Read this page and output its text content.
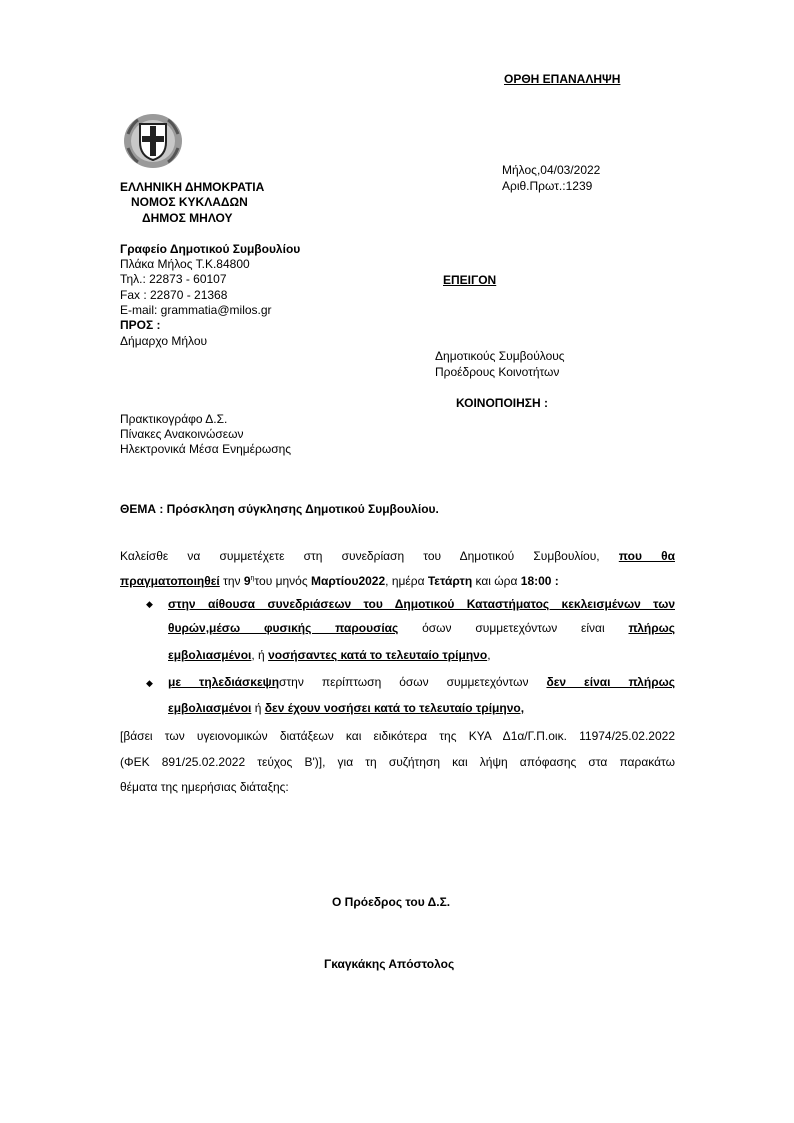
ΟΡΘΗ ΕΠΑΝΑΛΗΨΗ
Μήλος,04/03/2022
Αριθ.Πρωτ.:1239
ΕΛΛΗΝΙΚΗ ΔΗΜΟΚΡΑΤΙΑ
ΝΟΜΟΣ ΚΥΚΛΑΔΩΝ
ΔΗΜΟΣ ΜΗΛΟΥ
Γραφείο Δημοτικού Συμβουλίου
Πλάκα Μήλος Τ.Κ.84800
Τηλ.: 22873 - 60107
Fax : 22870 - 21368
E-mail: grammatia@milos.gr
ΕΠΕΙΓΟΝ
ΠΡΟΣ :
Δήμαρχο Μήλου
Δημοτικούς Συμβούλους
Προέδρους Κοινοτήτων
ΚΟΙΝΟΠΟΙΗΣΗ :
Πρακτικογράφο Δ.Σ.
Πίνακες Ανακοινώσεων
Ηλεκτρονικά Μέσα Ενημέρωσης
ΘΕΜΑ : Πρόσκληση σύγκλησης Δημοτικού Συμβουλίου.
Καλείσθε να συμμετέχετε στη συνεδρίαση του Δημοτικού Συμβουλίου, που θα
πραγματοποιηθεί την $9^\eta\tau o\upsilon$ μηνός Μαρτίου2022, ημέρα Τετάρτη και ώρα 18:00 :
◆ στην αίθουσα συνεδριάσεων του Δημοτικού Καταστήματος κεκλεισμένων των
θυρών,μέσω φυσικής παρουσίας όσων συμμετεχόντων είναι πλήρως
εμβολιασμένοι, ή νοσήσαντες κατά το τελευταίο τρίμηνο,
◆ με τηλεδιάσκεψηστην περίπτωση όσων συμμετεχόντων δεν είναι πλήρως
εμβολιασμένοι ή δεν έχουν νοσήσει κατά το τελευταίο τρίμηνο,
[βάσει των υγειονομικών διατάξεων και ειδικότερα της ΚΥΑ Δ1α/Γ.Π.οικ. 11974/25.02.2022
(ΦΕΚ 891/25.02.2022 τεύχος Β')], για τη συζήτηση και λήψη απόφασης στα παρακάτω
θέματα της ημερήσιας διάταξης:
Ο Πρόεδρος του Δ.Σ.
Γκαγκάκης Απόστολος
